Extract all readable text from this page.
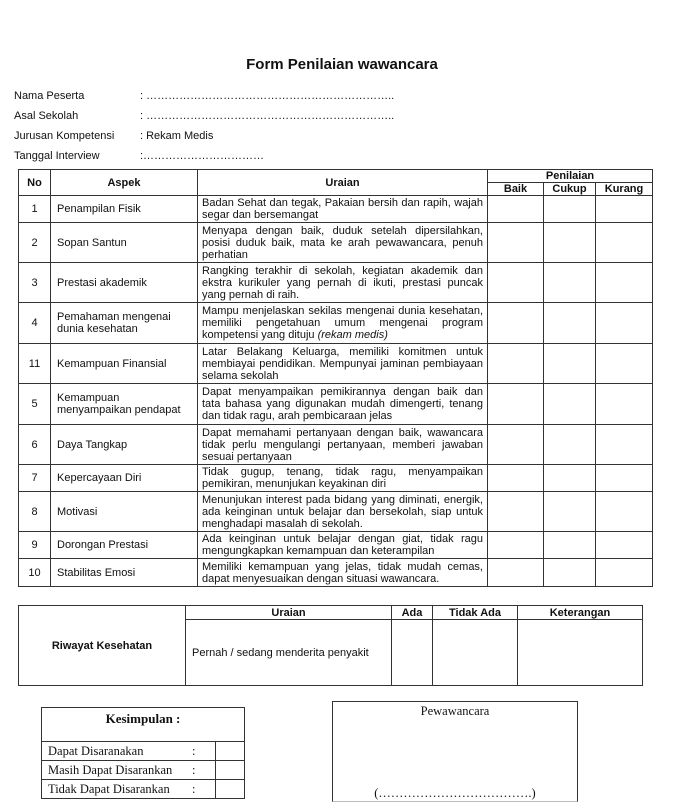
Form Penilaian wawancara
Nama Peserta	: …………………………………………………………..
Asal Sekolah	: …………………………………………………………..
Jurusan Kompetensi : Rekam Medis
Tanggal Interview	:……………………………
No	Aspek	Uraian	Penilaian		
			Baik	Cukup	Kurang
1	Penampilan Fisik	Badan Sehat dan tegak, Pakaian bersih dan rapih, wajah segar dan bersemangat			
2	Sopan Santun	Menyapa dengan baik, duduk setelah dipersilahkan, posisi duduk baik, mata ke arah pewawancara, penuh perhatian			
3	Prestasi akademik	Rangking terakhir di sekolah, kegiatan akademik dan ekstra kurikuler yang pernah di ikuti, prestasi puncak yang pernah di raih.			
4	Pemahaman mengenai dunia kesehatan	Mampu menjelaskan sekilas mengenai dunia kesehatan, memiliki pengetahuan umum mengenai program kompetensi yang dituju (rekam medis)			
11	Kemampuan Finansial	Latar Belakang Keluarga, memiliki komitmen untuk membiayai pendidikan. Mempunyai jaminan pembiayaan selama sekolah			
5	Kemampuan menyampaikan pendapat	Dapat menyampaikan pemikirannya dengan baik dan tata bahasa yang digunakan mudah dimengerti, tenang dan tidak ragu, arah pembicaraan jelas			
6	Daya Tangkap	Dapat memahami pertanyaan dengan baik, wawancara tidak perlu mengulangi pertanyaan, memberi jawaban sesuai pertanyaan			
7	Kepercayaan Diri	Tidak gugup, tenang, tidak ragu, menyampaikan pemikiran, menunjukan keyakinan diri			
8	Motivasi	Menunjukan interest pada bidang yang diminati, energik, ada keinginan untuk belajar dan bersekolah, siap untuk menghadapi masalah di sekolah.			
9	Dorongan Prestasi	Ada keinginan untuk belajar dengan giat, tidak ragu mengungkapkan kemampuan dan keterampilan			
10	Stabilitas Emosi	Memiliki kemampuan yang jelas, tidak mudah cemas, dapat menyesuaikan dengan situasi wawancara.			
Riwayat Kesehatan	Uraian	Ada	Tidak Ada	Keterangan
	Pernah / sedang menderita penyakit			
Kesimpulan :
Dapat Disaranakan	:
Masih Dapat Disarankan :
Tidak Dapat Disarankan :
Pewawancara
(……………………………….)
